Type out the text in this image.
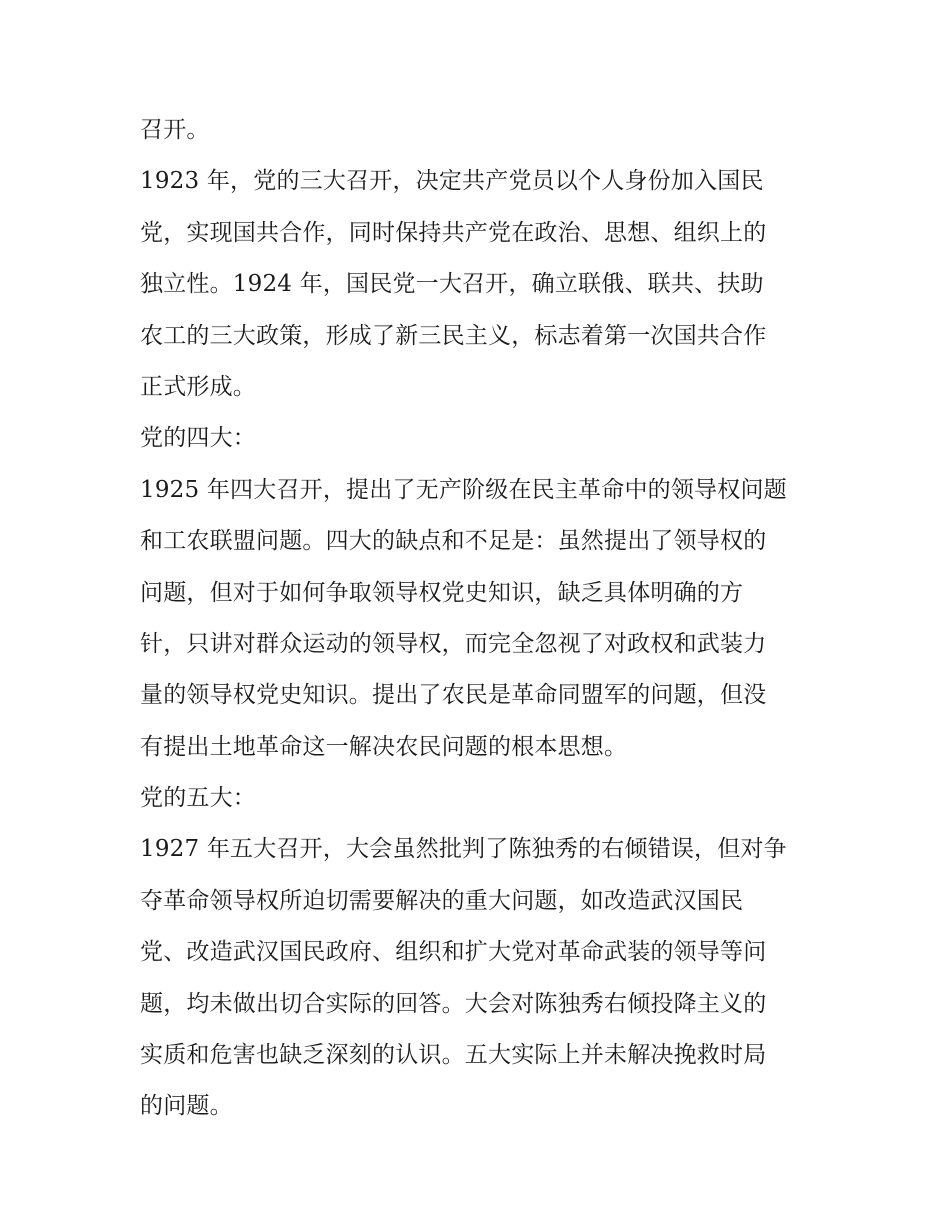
召开。
1923 年，党的三大召开，决定共产党员以个人身份加入国民
党，实现国共合作，同时保持共产党在政治、思想、组织上的
独立性。1924 年，国民党一大召开，确立联俄、联共、扶助
农工的三大政策，形成了新三民主义，标志着第一次国共合作
正式形成。
党的四大：
1925 年四大召开，提出了无产阶级在民主革命中的领导权问题
和工农联盟问题。四大的缺点和不足是：虽然提出了领导权的
问题，但对于如何争取领导权党史知识，缺乏具体明确的方
针，只讲对群众运动的领导权，而完全忽视了对政权和武装力
量的领导权党史知识。提出了农民是革命同盟军的问题，但没
有提出土地革命这一解决农民问题的根本思想。
党的五大：
1927 年五大召开，大会虽然批判了陈独秀的右倾错误，但对争
夺革命领导权所迫切需要解决的重大问题，如改造武汉国民
党、改造武汉国民政府、组织和扩大党对革命武装的领导等问
题，均未做出切合实际的回答。大会对陈独秀右倾投降主义的
实质和危害也缺乏深刻的认识。五大实际上并未解决挽救时局
的问题。
